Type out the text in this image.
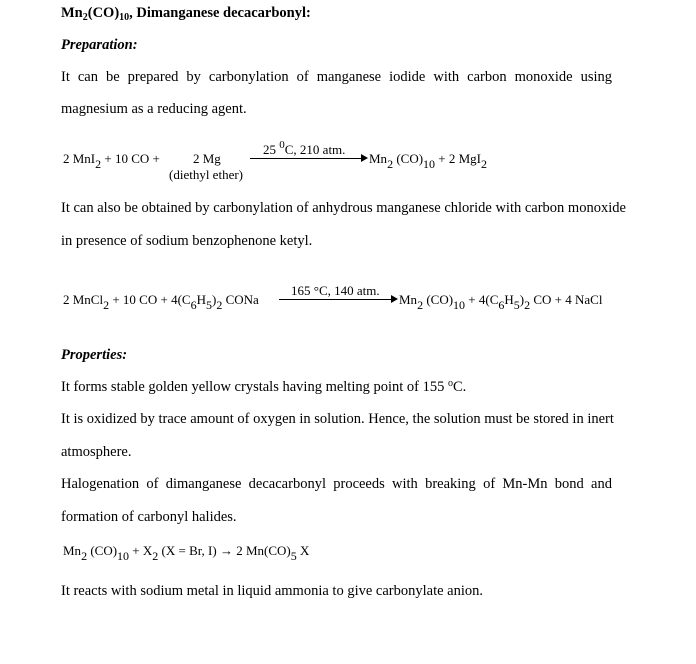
$Mn_2(CO)_{10}$, Dimanganese decacarbonyl:
Preparation:
It can be prepared by carbonylation of manganese iodide with carbon monoxide using
magnesium as a reducing agent.
2 MnI2 + 10 CO +	2 Mg
(diethyl ether)
25 $^0$C, 210 atm.
Mn2 (CO)10 + 2 MgI2
It can also be obtained by carbonylation of anhydrous manganese chloride with carbon monoxide
in presence of sodium benzophenone ketyl.
2 MnCl2 + 10 CO + 4(C6H5)2 CONa
165 °C, 140 atm.
Mn2 (CO)10 + 4(C6H5)2 CO + 4 NaCl
Properties:
It forms stable golden yellow crystals having melting point of 155 $^o$C.
It is oxidized by trace amount of oxygen in solution. Hence, the solution must be stored in inert
atmosphere.
Halogenation of dimanganese decacarbonyl proceeds with breaking of Mn-Mn bond and
formation of carbonyl halides.
Mn2 (CO)10 + X2 (X = Br, I) → 2 Mn(CO)5 X
It reacts with sodium metal in liquid ammonia to give carbonylate anion.
